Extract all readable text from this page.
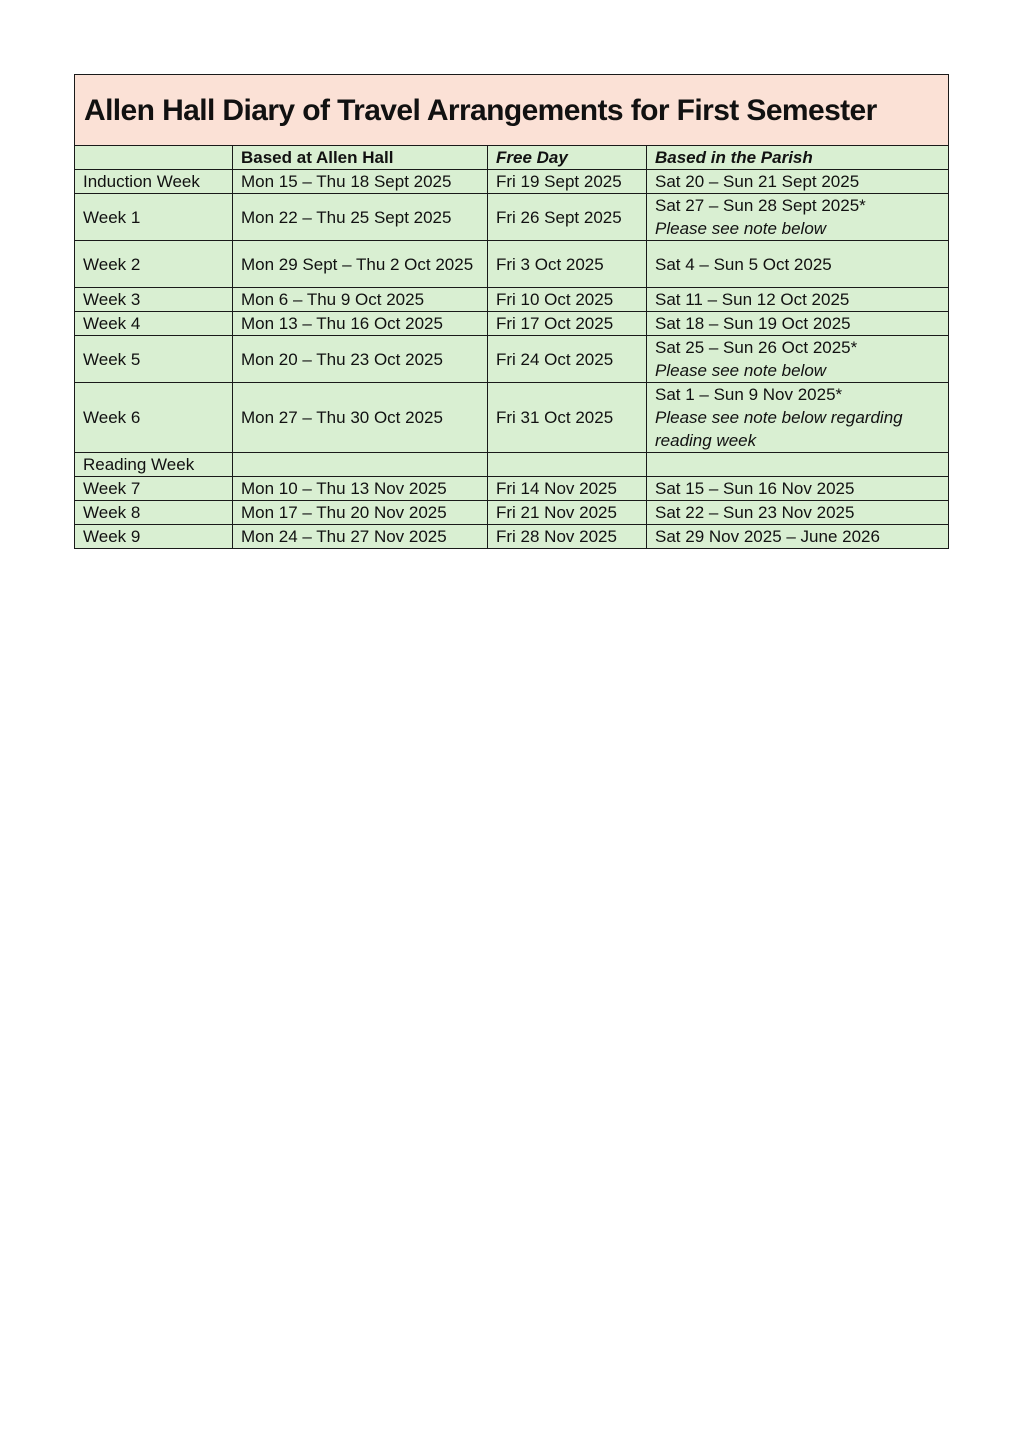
Allen Hall Diary of Travel Arrangements for First Semester			
	Based at Allen Hall	Free Day	Based in the Parish
Induction Week	Mon 15 – Thu 18 Sept 2025	Fri 19 Sept 2025	Sat 20 – Sun 21 Sept 2025
Week 1	Mon 22 – Thu 25 Sept 2025	Fri 26 Sept 2025	Sat 27 – Sun 28 Sept 2025*
Please see note below

Week 2	Mon 29 Sept – Thu 2 Oct 2025	Fri 3 Oct 2025	Sat 4 – Sun 5 Oct 2025
Week 3	Mon 6 – Thu 9 Oct 2025	Fri 10 Oct 2025	Sat 11 – Sun 12 Oct 2025
Week 4	Mon 13 – Thu 16 Oct 2025	Fri 17 Oct 2025	Sat 18 – Sun 19 Oct 2025
Week 5	Mon 20 – Thu 23 Oct 2025	Fri 24 Oct 2025	Sat 25 – Sun 26 Oct 2025*
Please see note below

Week 6	Mon 27 – Thu 30 Oct 2025	Fri 31 Oct 2025	Sat 1 – Sun 9 Nov 2025*
Please see note below regarding reading week

Reading Week			
Week 7	Mon 10 – Thu 13 Nov 2025	Fri 14 Nov 2025	Sat 15 – Sun 16 Nov 2025
Week 8	Mon 17 – Thu 20 Nov 2025	Fri 21 Nov 2025	Sat 22 – Sun 23 Nov 2025
Week 9	Mon 24 – Thu 27 Nov 2025	Fri 28 Nov 2025	Sat 29 Nov 2025 – June 2026
